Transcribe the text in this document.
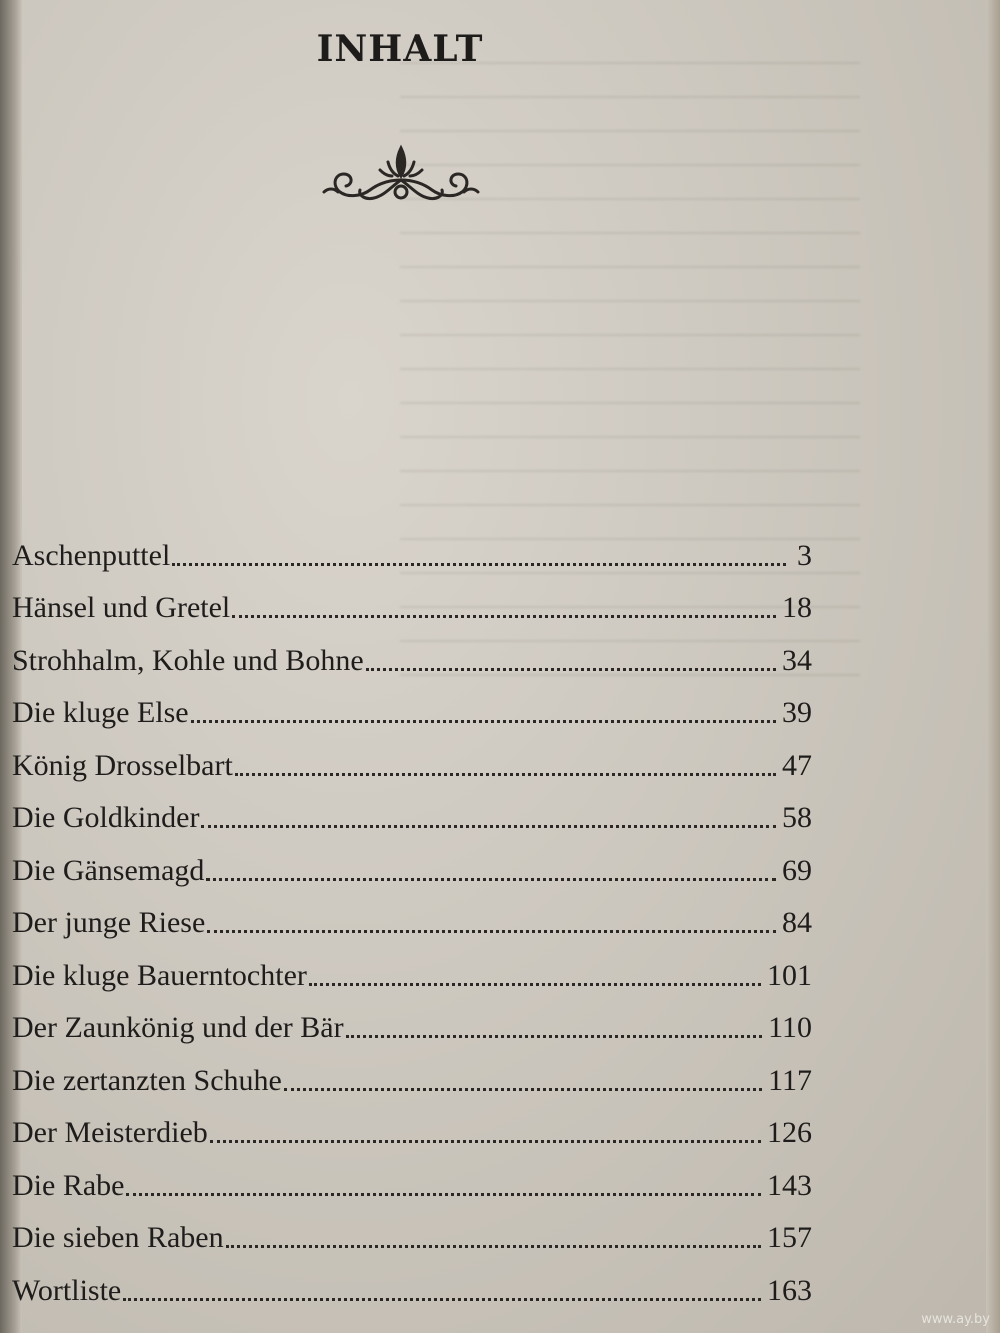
INHALT
Aschenputtel	3
Hänsel und Gretel	18
Strohhalm, Kohle und Bohne	34
Die kluge Else	39
König Drosselbart	47
Die Goldkinder	58
Die Gänsemagd	69
Der junge Riese	84
Die kluge Bauerntochter	101
Der Zaunkönig und der Bär	110
Die zertanzten Schuhe	117
Der Meisterdieb	126
Die Rabe	143
Die sieben Raben	157
Wortliste	163
www.ay.by
